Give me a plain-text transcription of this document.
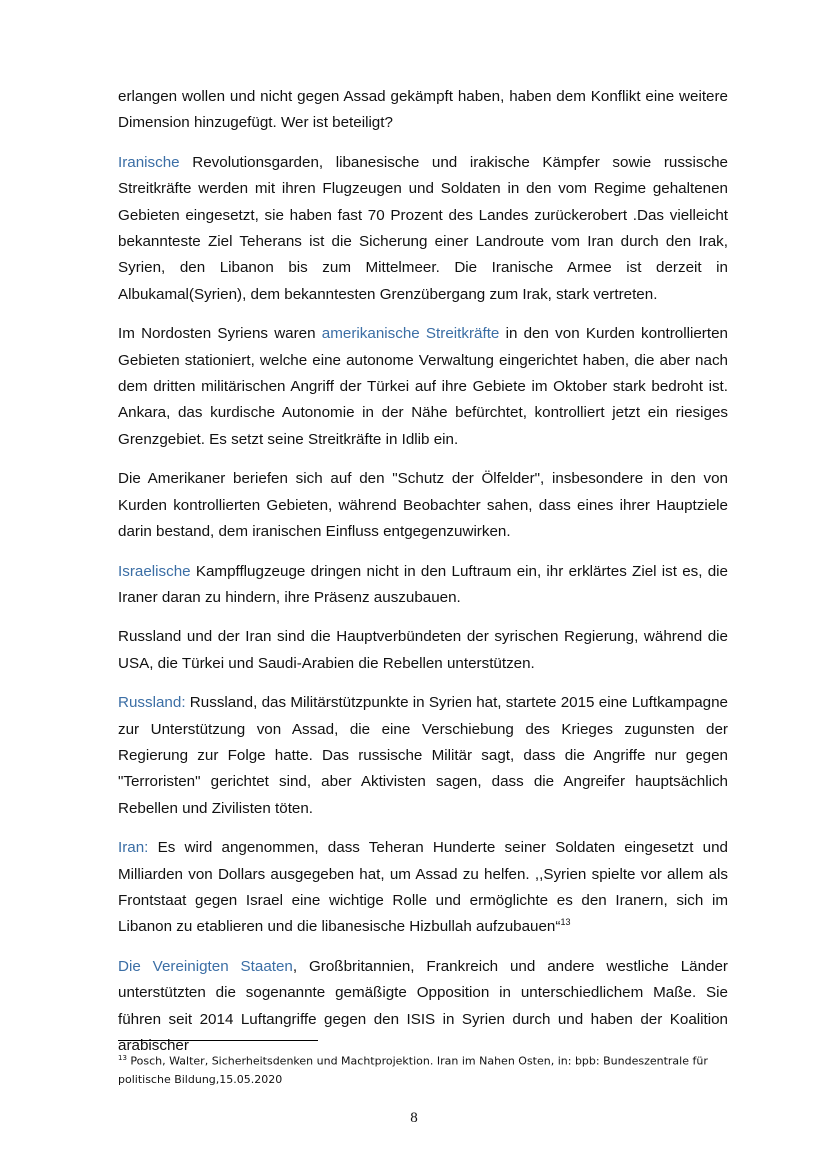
erlangen wollen und nicht gegen Assad gekämpft haben, haben dem Konflikt eine weitere Dimension hinzugefügt. Wer ist beteiligt?

Iranische Revolutionsgarden, libanesische und irakische Kämpfer sowie russische Streitkräfte werden mit ihren Flugzeugen und Soldaten in den vom Regime gehaltenen Gebieten eingesetzt, sie haben fast 70 Prozent des Landes zurückerobert .Das vielleicht bekannteste Ziel Teherans ist die Sicherung einer Landroute vom Iran durch den Irak, Syrien, den Libanon bis zum Mittelmeer. Die Iranische Armee ist derzeit in Albukamal(Syrien), dem bekanntesten Grenzübergang zum Irak, stark vertreten.

Im Nordosten Syriens waren amerikanische Streitkräfte in den von Kurden kontrollierten Gebieten stationiert, welche eine autonome Verwaltung eingerichtet haben, die aber nach dem dritten militärischen Angriff der Türkei auf ihre Gebiete im Oktober stark bedroht ist. Ankara, das kurdische Autonomie in der Nähe befürchtet, kontrolliert jetzt ein riesiges Grenzgebiet. Es setzt seine Streitkräfte in Idlib ein.

Die Amerikaner beriefen sich auf den "Schutz der Ölfelder", insbesondere in den von Kurden kontrollierten Gebieten, während Beobachter sahen, dass eines ihrer Hauptziele darin bestand, dem iranischen Einfluss entgegenzuwirken.

Israelische Kampfflugzeuge dringen nicht in den Luftraum ein, ihr erklärtes Ziel ist es, die Iraner daran zu hindern, ihre Präsenz auszubauen.

Russland und der Iran sind die Hauptverbündeten der syrischen Regierung, während die USA, die Türkei und Saudi-Arabien die Rebellen unterstützen.

Russland: Russland, das Militärstützpunkte in Syrien hat, startete 2015 eine Luftkampagne zur Unterstützung von Assad, die eine Verschiebung des Krieges zugunsten der Regierung zur Folge hatte. Das russische Militär sagt, dass die Angriffe nur gegen "Terroristen" gerichtet sind, aber Aktivisten sagen, dass die Angreifer hauptsächlich Rebellen und Zivilisten töten.

Iran: Es wird angenommen, dass Teheran Hunderte seiner Soldaten eingesetzt und Milliarden von Dollars ausgegeben hat, um Assad zu helfen. ,,Syrien spielte vor allem als Frontstaat gegen Israel eine wichtige Rolle und ermöglichte es den Iranern, sich im Libanon zu etablieren und die libanesische Hizbullah aufzubauen“$^{13}$

Die Vereinigten Staaten, Großbritannien, Frankreich und andere westliche Länder unterstützten die sogenannte gemäßigte Opposition in unterschiedlichem Maße. Sie führen seit 2014 Luftangriffe gegen den ISIS in Syrien durch und haben der Koalition arabischer

$^{13}$ Posch, Walter, Sicherheitsdenken und Machtprojektion. Iran im Nahen Osten, in: bpb: Bundeszentrale für politische Bildung,15.05.2020
8
